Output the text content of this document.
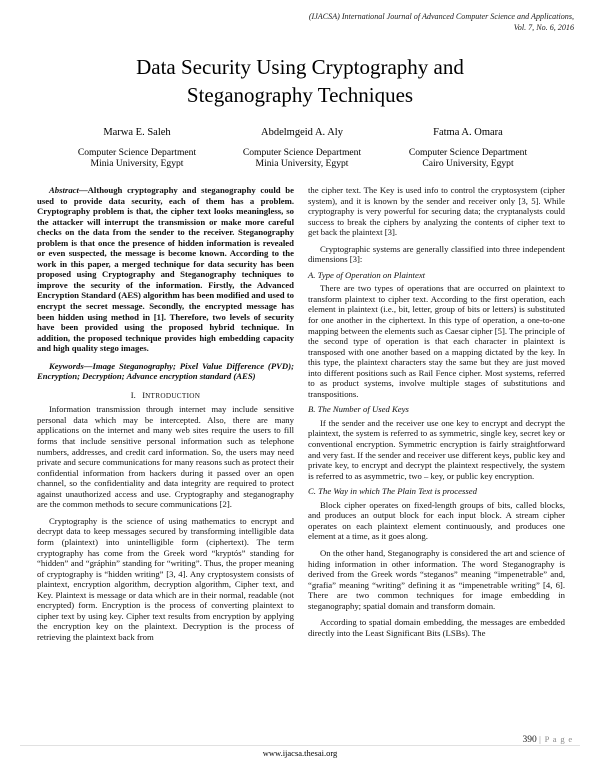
(IJACSA) International Journal of Advanced Computer Science and Applications,
Vol. 7, No. 6, 2016
Data Security Using Cryptography and
Steganography Techniques
Marwa E. Saleh
Computer Science Department
Minia University, Egypt
Abdelmgeid A. Aly
Computer Science Department
Minia University, Egypt
Fatma A. Omara
Computer Science Department
Cairo University, Egypt

Abstract—Although cryptography and steganography could be used to provide data security, each of them has a problem. Cryptography problem is that, the cipher text looks meaningless, so the attacker will interrupt the transmission or make more careful checks on the data from the sender to the receiver. Steganography problem is that once the presence of hidden information is revealed or even suspected, the message is become known. According to the work in this paper, a merged technique for data security has been proposed using Cryptography and Steganography techniques to improve the security of the information. Firstly, the Advanced Encryption Standard (AES) algorithm has been modified and used to encrypt the secret message. Secondly, the encrypted message has been hidden using method in [1]. Therefore, two levels of security have been provided using the proposed hybrid technique. In addition, the proposed technique provides high embedding capacity and high quality stego images.

Keywords—Image Steganography; Pixel Value Difference (PVD); Encryption; Decryption; Advance encryption standard (AES)

I. INTRODUCTION

Information transmission through internet may include sensitive personal data which may be intercepted. Also, there are many applications on the internet and many web sites require the users to fill forms that include sensitive personal information such as telephone numbers, addresses, and credit card information. So, the users may need private and secure communications for many reasons such as protect their confidential information from hackers during it passed over an open channel, so the confidentiality and data integrity are required to protect against unauthorized access and use. Cryptography and steganography are the common methods to secure communications [2].

Cryptography is the science of using mathematics to encrypt and decrypt data to keep messages secured by transforming intelligible data form (plaintext) into unintelligible form (ciphertext). The term cryptography has come from the Greek word “kryptós” standing for “hidden” and “gráphin” standing for “writing”. Thus, the proper meaning of cryptography is “hidden writing” [3, 4]. Any cryptosystem consists of plaintext, encryption algorithm, decryption algorithm, Cipher text, and Key. Plaintext is message or data which are in their normal, readable (not encrypted) form. Encryption is the process of converting plaintext to cipher text by using key. Cipher text results from encryption by applying the encryption key on the plaintext. Decryption is the process of retrieving the plaintext back from

the cipher text. The Key is used info to control the cryptosystem (cipher system), and it is known by the sender and receiver only [3, 5]. While cryptography is very powerful for securing data; the cryptanalysts could success to break the ciphers by analyzing the contents of cipher text to get back the plaintext [3].

Cryptographic systems are generally classified into three independent dimensions [3]:

A. Type of Operation on Plaintext

There are two types of operations that are occurred on plaintext to transform plaintext to cipher text. According to the first operation, each element in plaintext (i.e., bit, letter, group of bits or letters) is substituted for one another in the ciphertext. In this type of operation, a one-to-one mapping between the elements such as Caesar cipher [5]. The principle of the second type of operation is that each character in plaintext is transposed with one another based on a mapping dictated by the key. In this type, the plaintext characters stay the same but they are just moved into different positions such as Rail Fence cipher. Most systems, referred to as product systems, involve multiple stages of substitutions and transpositions.

B. The Number of Used Keys

If the sender and the receiver use one key to encrypt and decrypt the plaintext, the system is referred to as symmetric, single key, secret key or conventional encryption. Symmetric encryption is fairly straightforward and very fast. If the sender and receiver use different keys, public key and private key, to encrypt and decrypt the plaintext respectively, the system is referred to as asymmetric, two – key, or public key encryption.

C. The Way in which The Plain Text is processed

Block cipher operates on fixed-length groups of bits, called blocks, and produces an output block for each input block. A stream cipher operates on each plaintext element continuously, and produces one element at a time, as it goes along.

On the other hand, Steganography is considered the art and science of hiding information in other information. The word Steganography is derived from the Greek words “steganos” meaning “impenetrable” and, “grafia” meaning “writing” defining it as “impenetrable writing” [4, 6]. There are two common techniques for image embedding in steganography; spatial domain and transform domain.

According to spatial domain embedding, the messages are embedded directly into the Least Significant Bits (LSBs). The

390 | P a g e
www.ijacsa.thesai.org
